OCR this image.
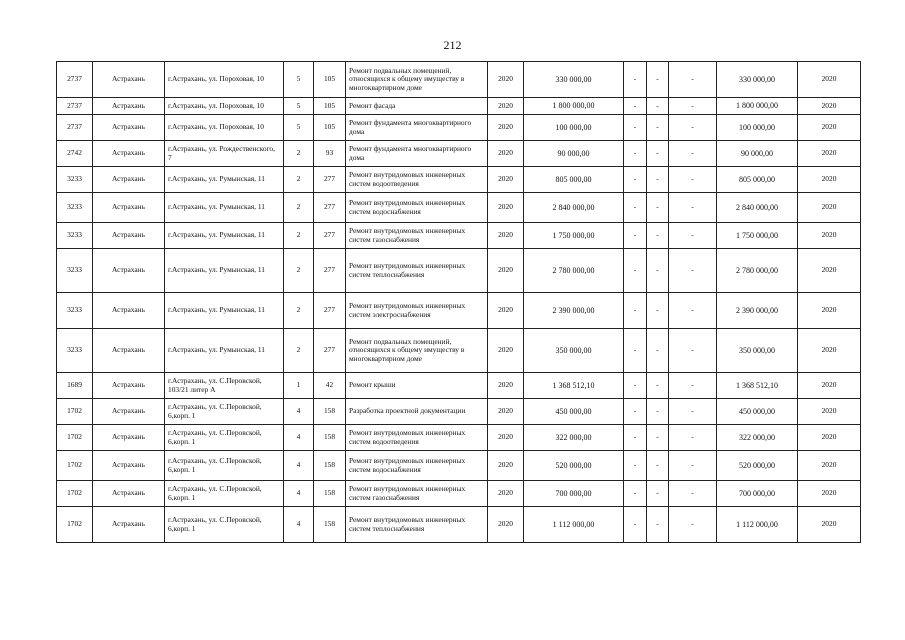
212
2737	Астрахань	г.Астрахань, ул. Пороховая, 10	5	105	Ремонт подвальных помещений, относящихся к общему имуществу в многоквартирном доме	2020	330 000,00	-	-	-	330 000,00	2020
2737	Астрахань	г.Астрахань, ул. Пороховая, 10	5	105	Ремонт фасада	2020	1 800 000,00	-	-	-	1 800 000,00	2020
2737	Астрахань	г.Астрахань, ул. Пороховая, 10	5	105	Ремонт фундамента многоквартирного дома	2020	100 000,00	-	-	-	100 000,00	2020
2742	Астрахань	г.Астрахань, ул. Рождественского, 7	2	93	Ремонт фундамента многоквартирного дома	2020	90 000,00	-	-	-	90 000,00	2020
3233	Астрахань	г.Астрахань, ул. Румынская, 11	2	277	Ремонт внутридомовых инженерных систем водоотведения	2020	805 000,00	-	-	-	805 000,00	2020
3233	Астрахань	г.Астрахань, ул. Румынская, 11	2	277	Ремонт внутридомовых инженерных систем водоснабжения	2020	2 840 000,00	-	-	-	2 840 000,00	2020
3233	Астрахань	г.Астрахань, ул. Румынская, 11	2	277	Ремонт внутридомовых инженерных систем газоснабжения	2020	1 750 000,00	-	-	-	1 750 000,00	2020
3233	Астрахань	г.Астрахань, ул. Румынская, 11	2	277	Ремонт внутридомовых инженерных систем теплоснабжения	2020	2 780 000,00	-	-	-	2 780 000,00	2020
3233	Астрахань	г.Астрахань, ул. Румынская, 11	2	277	Ремонт внутридомовых инженерных систем электроснабжения	2020	2 390 000,00	-	-	-	2 390 000,00	2020
3233	Астрахань	г.Астрахань, ул. Румынская, 11	2	277	Ремонт подвальных помещений, относящихся к общему имуществу в многоквартирном доме	2020	350 000,00	-	-	-	350 000,00	2020
1689	Астрахань	г.Астрахань, ул. С.Перовской, 103/21 литер А	1	42	Ремонт крыши	2020	1 368 512,10	-	-	-	1 368 512,10	2020
1702	Астрахань	г.Астрахань, ул. С.Перовской, 6,корп. 1	4	158	Разработка проектной документации	2020	450 000,00	-	-	-	450 000,00	2020
1702	Астрахань	г.Астрахань, ул. С.Перовской, 6,корп. 1	4	158	Ремонт внутридомовых инженерных систем водоотведения	2020	322 000,00	-	-	-	322 000,00	2020
1702	Астрахань	г.Астрахань, ул. С.Перовской, 6,корп. 1	4	158	Ремонт внутридомовых инженерных систем водоснабжения	2020	520 000,00	-	-	-	520 000,00	2020
1702	Астрахань	г.Астрахань, ул. С.Перовской, 6,корп. 1	4	158	Ремонт внутридомовых инженерных систем газоснабжения	2020	700 000,00	-	-	-	700 000,00	2020
1702	Астрахань	г.Астрахань, ул. С.Перовской, 6,корп. 1	4	158	Ремонт внутридомовых инженерных систем теплоснабжения	2020	1 112 000,00	-	-	-	1 112 000,00	2020
